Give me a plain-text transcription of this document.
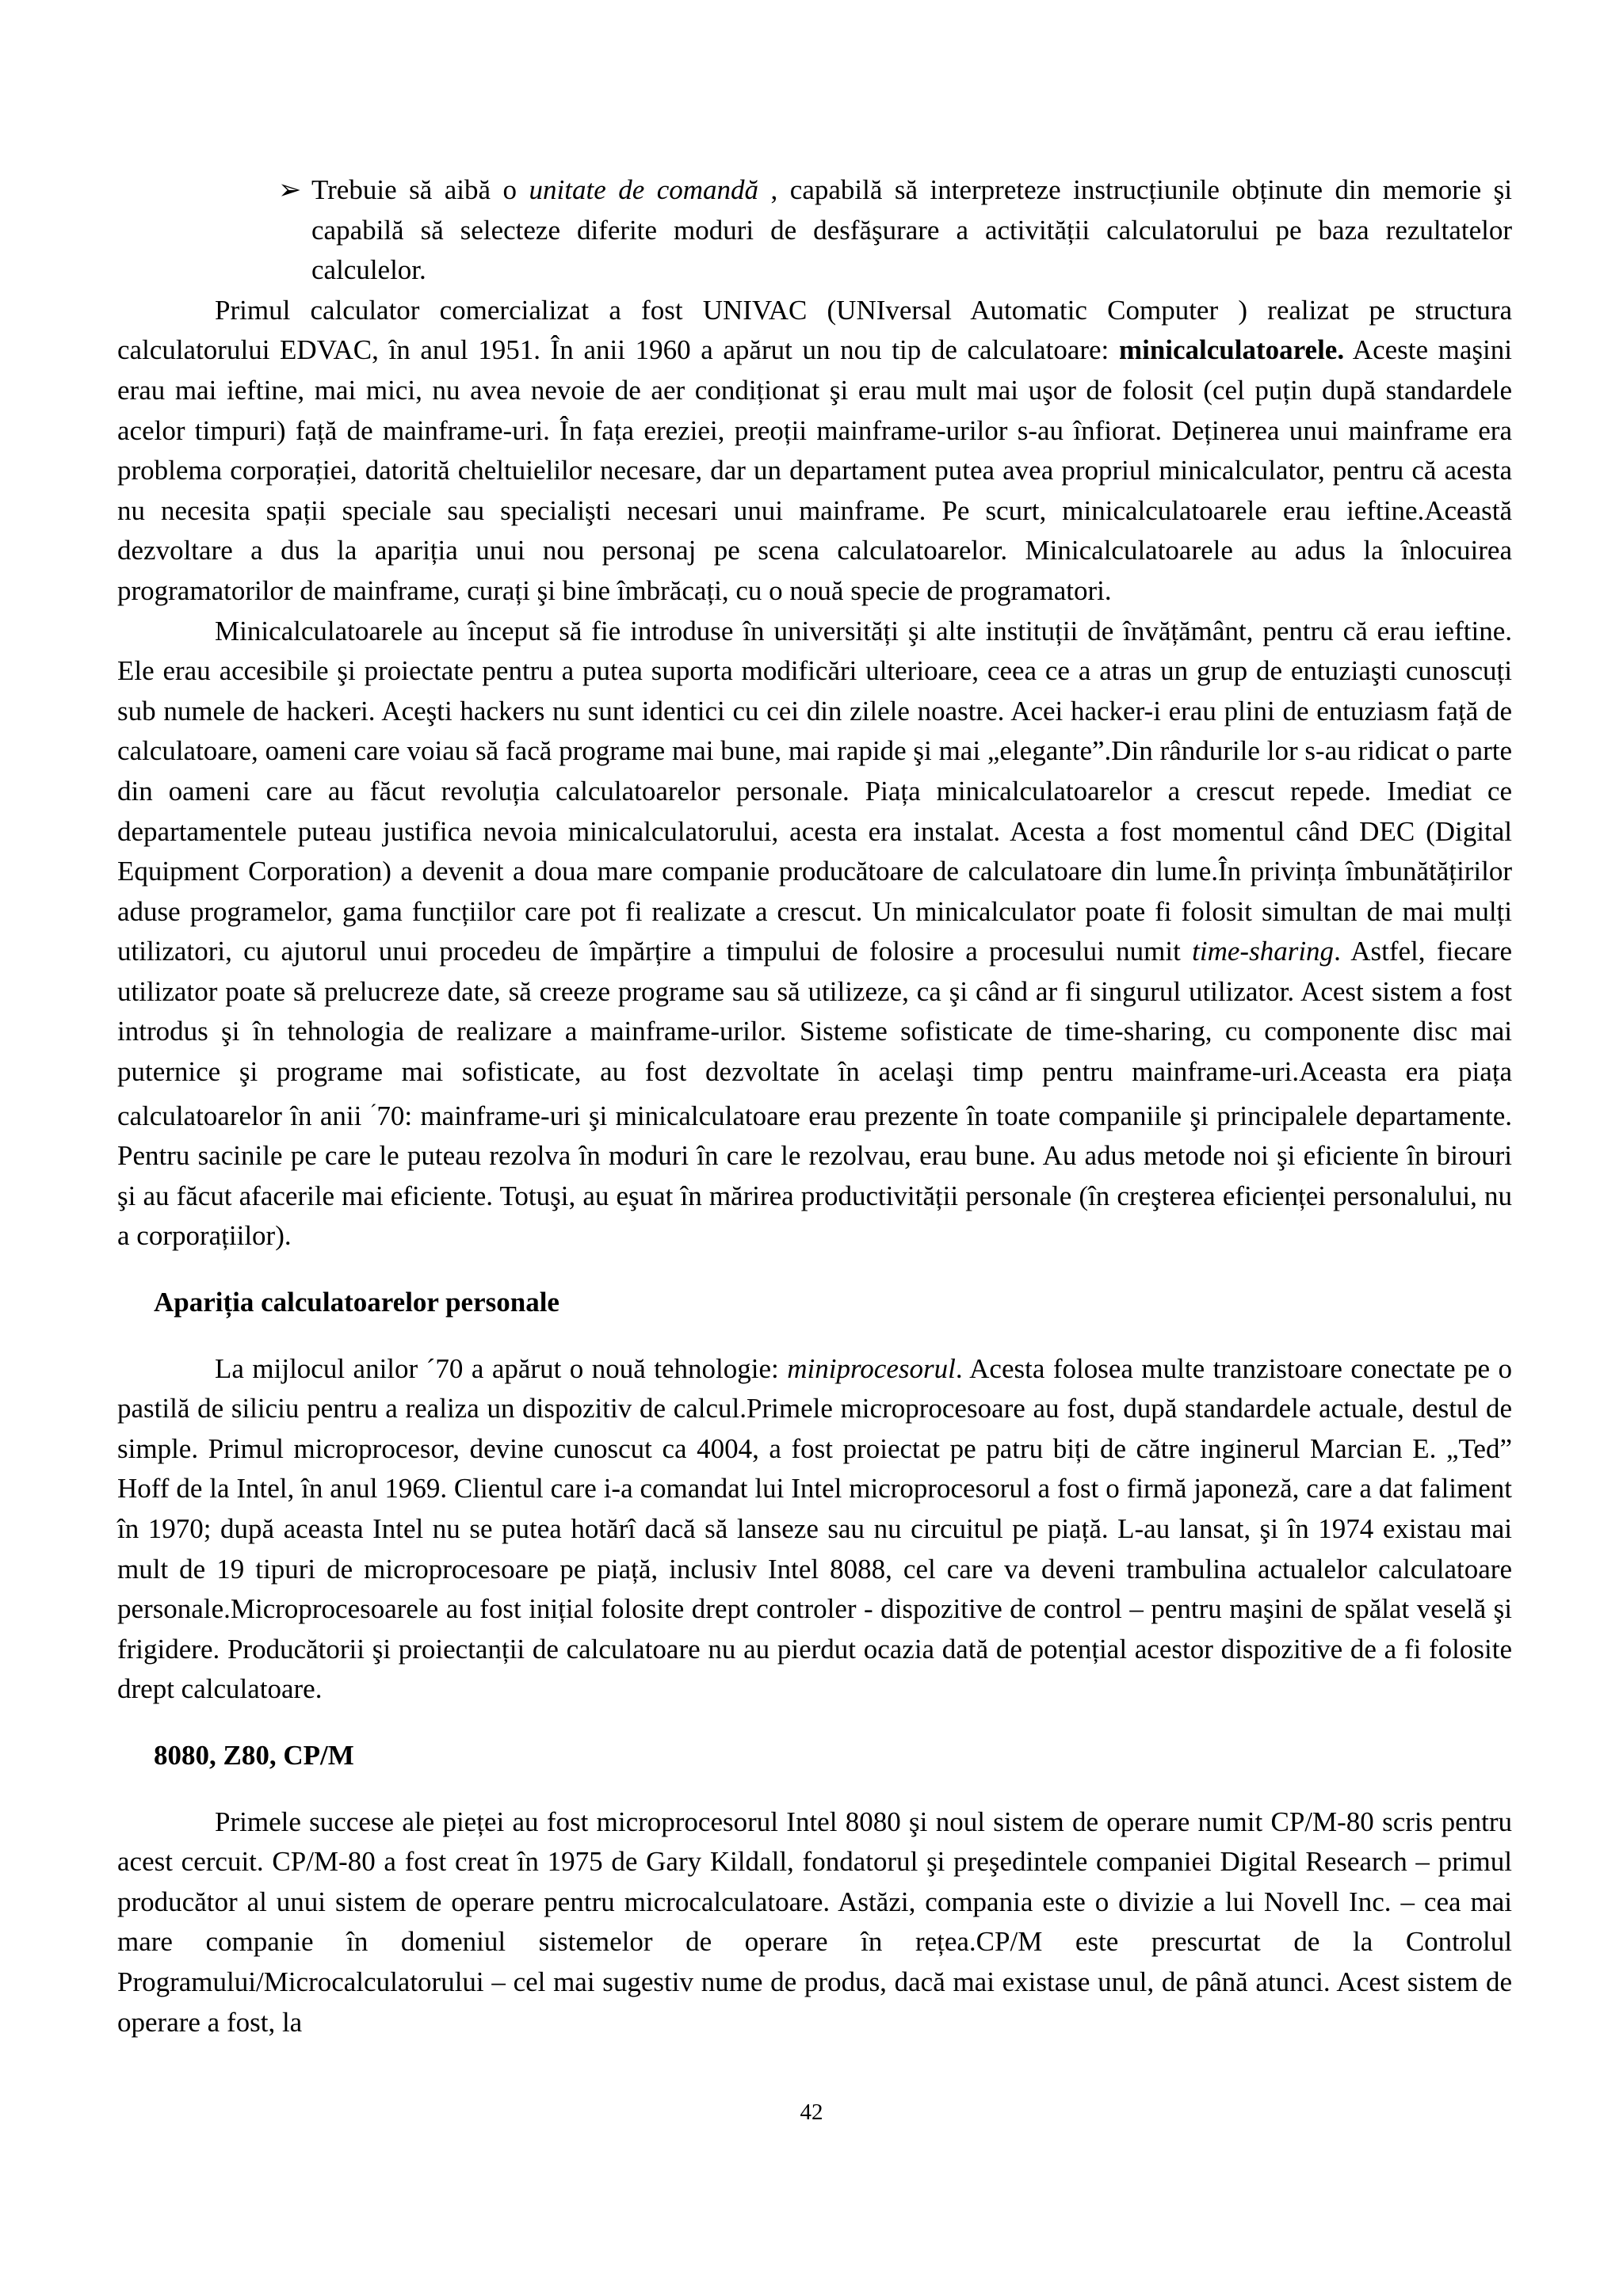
➢ Trebuie să aibă o unitate de comandă , capabilă să interpreteze instrucțiunile obținute din memorie şi capabilă să selecteze diferite moduri de desfăşurare a activității calculatorului pe baza rezultatelor calculelor.

Primul calculator comercializat a fost UNIVAC (UNIversal Automatic Computer ) realizat pe structura calculatorului EDVAC, în anul 1951. În anii 1960 a apărut un nou tip de calculatoare: minicalculatoarele. Aceste maşini erau mai ieftine, mai mici, nu avea nevoie de aer condiționat şi erau mult mai uşor de folosit (cel puțin după standardele acelor timpuri) față de mainframe-uri. În fața ereziei, preoții mainframe-urilor s-au înfiorat. Deținerea unui mainframe era problema corporației, datorită cheltuielilor necesare, dar un departament putea avea propriul minicalculator, pentru că acesta nu necesita spații speciale sau specialişti necesari unui mainframe. Pe scurt, minicalculatoarele erau ieftine.Această dezvoltare a dus la apariția unui nou personaj pe scena calculatoarelor. Minicalculatoarele au adus la înlocuirea programatorilor de mainframe, curați şi bine îmbrăcați, cu o nouă specie de programatori.

Minicalculatoarele au început să fie introduse în universități şi alte instituții de învățământ, pentru că erau ieftine. Ele erau accesibile şi proiectate pentru a putea suporta modificări ulterioare, ceea ce a atras un grup de entuziaşti cunoscuți sub numele de hackeri. Aceşti hackers nu sunt identici cu cei din zilele noastre. Acei hacker-i erau plini de entuziasm față de calculatoare, oameni care voiau să facă programe mai bune, mai rapide şi mai „elegante”.Din rândurile lor s-au ridicat o parte din oameni care au făcut revoluția calculatoarelor personale. Piața minicalculatoarelor a crescut repede. Imediat ce departamentele puteau justifica nevoia minicalculatorului, acesta era instalat. Acesta a fost momentul când DEC (Digital Equipment Corporation) a devenit a doua mare companie producătoare de calculatoare din lume.În privința îmbunătățirilor aduse programelor, gama funcțiilor care pot fi realizate a crescut. Un minicalculator poate fi folosit simultan de mai mulți utilizatori, cu ajutorul unui procedeu de împărțire a timpului de folosire a procesului numit time-sharing. Astfel, fiecare utilizator poate să prelucreze date, să creeze programe sau să utilizeze, ca şi când ar fi singurul utilizator. Acest sistem a fost introdus şi în tehnologia de realizare a mainframe-urilor. Sisteme sofisticate de time-sharing, cu componente disc mai puternice şi programe mai sofisticate, au fost dezvoltate în acelaşi timp pentru mainframe-uri.Aceasta era piața calculatoarelor în anii ´70: mainframe-uri şi minicalculatoare erau prezente în toate companiile şi principalele departamente. Pentru sacinile pe care le puteau rezolva în moduri în care le rezolvau, erau bune. Au adus metode noi şi eficiente în birouri şi au făcut afacerile mai eficiente. Totuşi, au eşuat în mărirea productivității personale (în creşterea eficienței personalului, nu a corporațiilor).

Apariția calculatoarelor personale

La mijlocul anilor ´70 a apărut o nouă tehnologie: miniprocesorul. Acesta folosea multe tranzistoare conectate pe o pastilă de siliciu pentru a realiza un dispozitiv de calcul.Primele microprocesoare au fost, după standardele actuale, destul de simple. Primul microprocesor, devine cunoscut ca 4004, a fost proiectat pe patru biți de către inginerul Marcian E. „Ted” Hoff de la Intel, în anul 1969. Clientul care i-a comandat lui Intel microprocesorul a fost o firmă japoneză, care a dat faliment în 1970; după aceasta Intel nu se putea hotărî dacă să lanseze sau nu circuitul pe piață. L-au lansat, şi în 1974 existau mai mult de 19 tipuri de microprocesoare pe piață, inclusiv Intel 8088, cel care va deveni trambulina actualelor calculatoare personale.Microprocesoarele au fost inițial folosite drept controler - dispozitive de control – pentru maşini de spălat veselă şi frigidere. Producătorii şi proiectanții de calculatoare nu au pierdut ocazia dată de potențial acestor dispozitive de a fi folosite drept calculatoare.

8080, Z80, CP/M

Primele succese ale pieței au fost microprocesorul Intel 8080 şi noul sistem de operare numit CP/M-80 scris pentru acest cercuit. CP/M-80 a fost creat în 1975 de Gary Kildall, fondatorul şi preşedintele companiei Digital Research – primul producător al unui sistem de operare pentru microcalculatoare. Astăzi, compania este o divizie a lui Novell Inc. – cea mai mare companie în domeniul sistemelor de operare în rețea.CP/M este prescurtat de la Controlul Programului/Microcalculatorului – cel mai sugestiv nume de produs, dacă mai existase unul, de până atunci. Acest sistem de operare a fost, la

42
